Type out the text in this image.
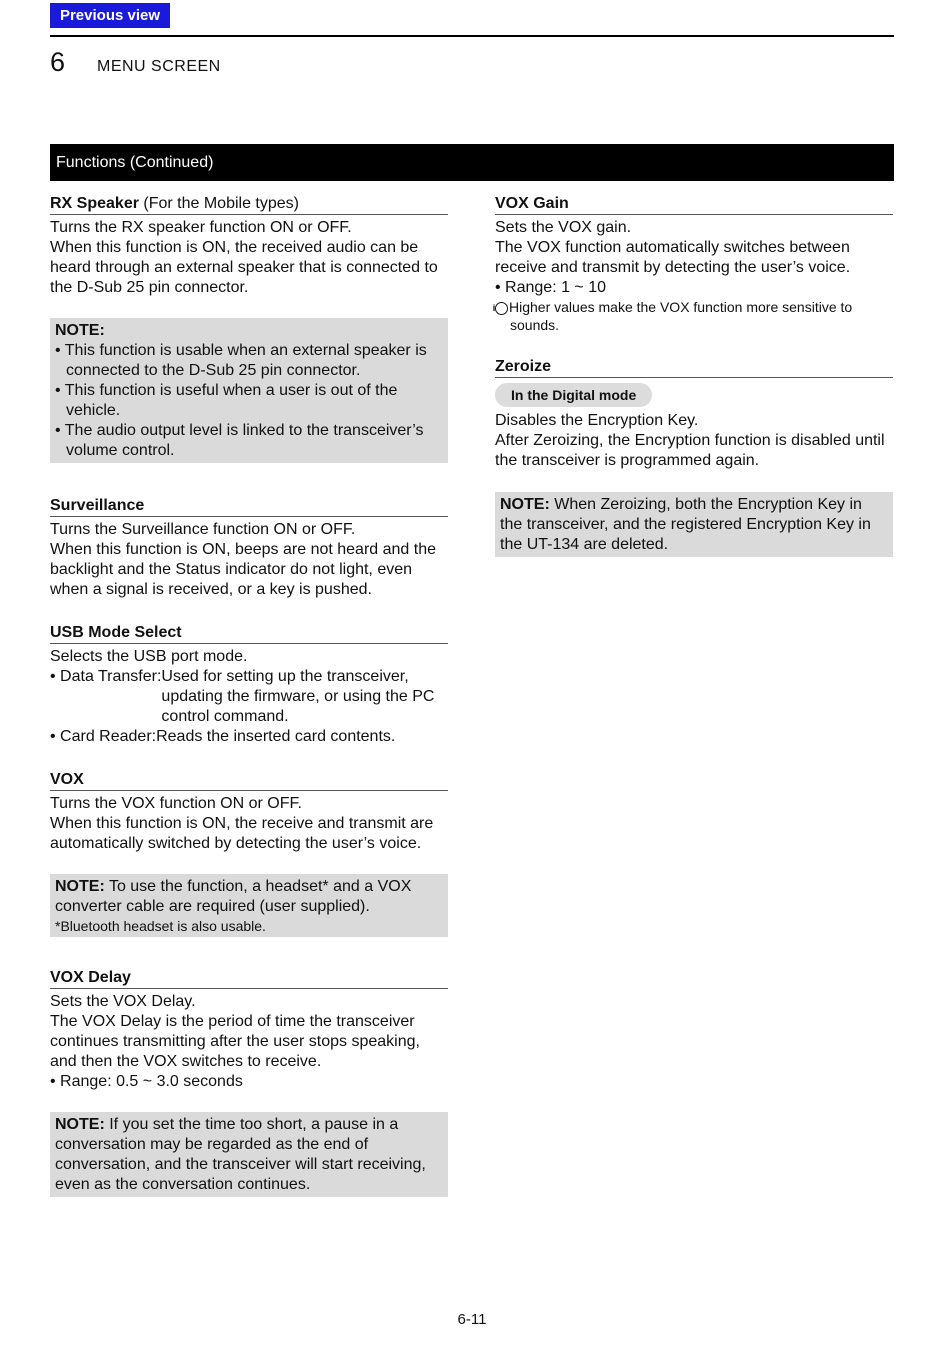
Previous view
6 MENU SCREEN
Functions (Continued)
RX Speaker (For the Mobile types)

Turns the RX speaker function ON or OFF.

When this function is ON, the received audio can be heard through an external speaker that is connected to the D-Sub 25 pin connector.

NOTE:

• This function is usable when an external speaker is connected to the D-Sub 25 pin connector.

• This function is useful when a user is out of the vehicle.

• The audio output level is linked to the transceiver’s volume control.

Surveillance

Turns the Surveillance function ON or OFF.

When this function is ON, beeps are not heard and the backlight and the Status indicator do not light, even when a signal is received, or a key is pushed.

USB Mode Select

Selects the USB port mode.

• Data Transfer: Used for setting up the transceiver, updating the firmware, or using the PC control command.
• Card Reader: Reads the inserted card contents.
VOX

Turns the VOX function ON or OFF.

When this function is ON, the receive and transmit are automatically switched by detecting the user’s voice.

NOTE: To use the function, a headset* and a VOX converter cable are required (user supplied).
*Bluetooth headset is also usable.
VOX Delay

Sets the VOX Delay.

The VOX Delay is the period of time the transceiver continues transmitting after the user stops speaking, and then the VOX switches to receive.

• Range: 0.5 ~ 3.0 seconds

NOTE: If you set the time too short, a pause in a conversation may be regarded as the end of conversation, and the transceiver will start receiving, even as the conversation continues.
VOX Gain

Sets the VOX gain.

The VOX function automatically switches between receive and transmit by detecting the user’s voice.

• Range: 1 ~ 10

i Higher values make the VOX function more sensitive to sounds.
Zeroize
In the Digital mode

Disables the Encryption Key.

After Zeroizing, the Encryption function is disabled until the transceiver is programmed again.

NOTE: When Zeroizing, both the Encryption Key in the transceiver, and the registered Encryption Key in the UT-134 are deleted.
6-11
